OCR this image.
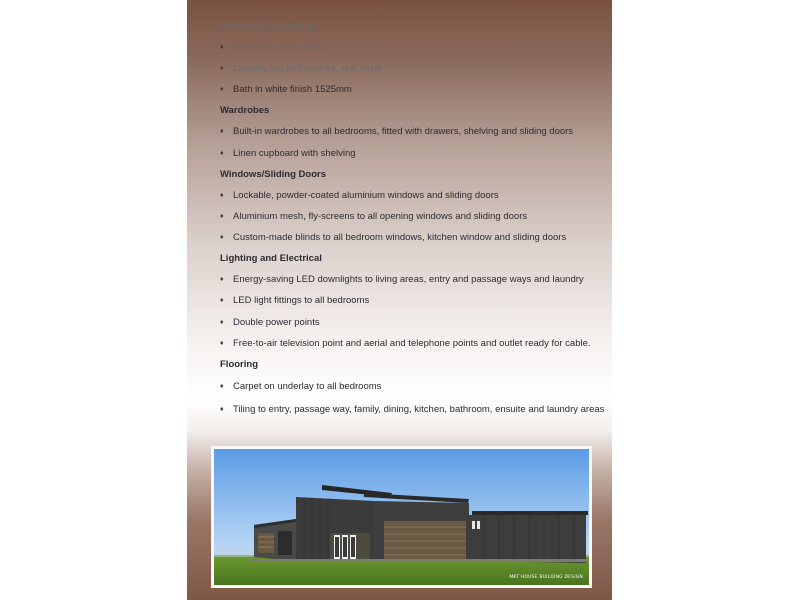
Wet Areas Continued
♦ Wall-faced toilet suites
♦ Laundry tub and cabinet, sink mixer
♦ Bath in white finish 1525mm
Wardrobes
♦ Built-in wardrobes to all bedrooms, fitted with drawers, shelving and sliding doors
♦ Linen cupboard with shelving
Windows/Sliding Doors
♦ Lockable, powder-coated aluminium windows and sliding doors
♦ Aluminium mesh, fly-screens to all opening windows and sliding doors
♦ Custom-made blinds to all bedroom windows, kitchen window and sliding doors
Lighting and Electrical
♦ Energy-saving LED downlights to living areas, entry and passage ways and laundry
♦ LED light fittings to all bedrooms
♦ Double power points
♦ Free-to-air television point and aerial and telephone points and outlet ready for cable.
Flooring
♦ Carpet on underlay to all bedrooms
♦ Tiling to entry, passage way, family, dining, kitchen, bathroom, ensuite and laundry areas
MKT HOUSE BUILDING DESIGN
